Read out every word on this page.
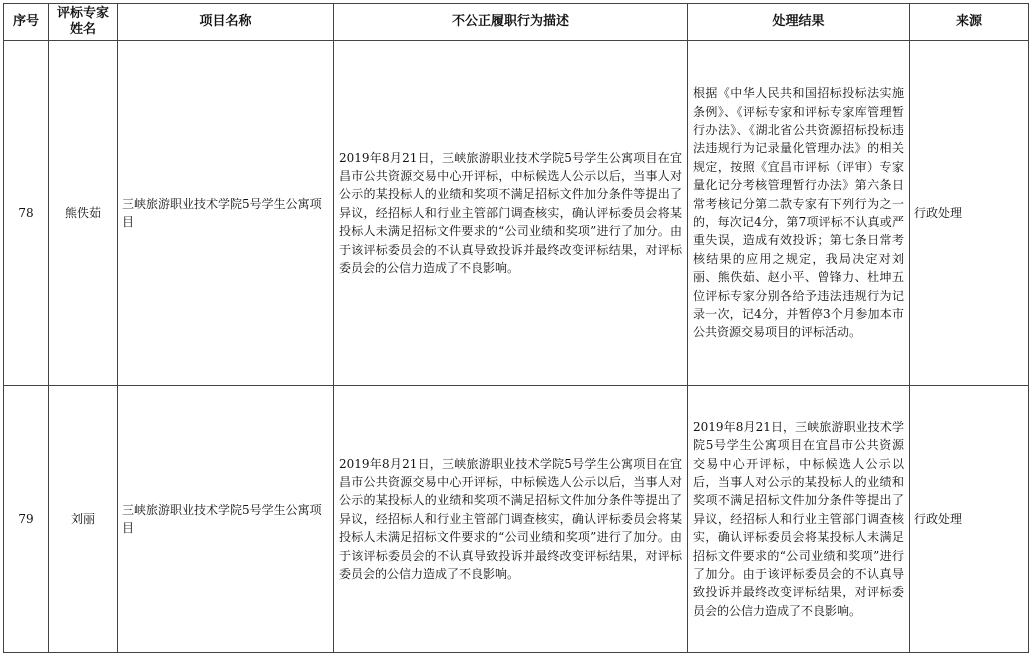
序号	评标专家姓名	项目名称	不公正履职行为描述	处理结果	来源
78	熊佚茹	三峡旅游职业技术学院5号学生公寓项目	2019年8月21日，三峡旅游职业技术学院5号学生公寓项目在宜昌市公共资源交易中心开评标，中标候选人公示以后，当事人对公示的某投标人的业绩和奖项不满足招标文件加分条件等提出了异议，经招标人和行业主管部门调查核实，确认评标委员会将某投标人未满足招标文件要求的“公司业绩和奖项”进行了加分。由于该评标委员会的不认真导致投诉并最终改变评标结果，对评标委员会的公信力造成了不良影响。	根据《中华人民共和国招标投标法实施条例》、《评标专家和评标专家库管理暂行办法》、《湖北省公共资源招标投标违法违规行为记录量化管理办法》的相关规定，按照《宜昌市评标（评审）专家量化记分考核管理暂行办法》第六条日常考核记分第二款专家有下列行为之一的，每次记4分，第7项评标不认真或严重失误，造成有效投诉；第七条日常考核结果的应用之规定，我局决定对刘丽、熊佚茹、赵小平、曾锋力、杜坤五位评标专家分别各给予违法违规行为记录一次，记4分，并暂停3个月参加本市公共资源交易项目的评标活动。	行政处理
79	刘丽	三峡旅游职业技术学院5号学生公寓项目	2019年8月21日，三峡旅游职业技术学院5号学生公寓项目在宜昌市公共资源交易中心开评标，中标候选人公示以后，当事人对公示的某投标人的业绩和奖项不满足招标文件加分条件等提出了异议，经招标人和行业主管部门调查核实，确认评标委员会将某投标人未满足招标文件要求的“公司业绩和奖项”进行了加分。由于该评标委员会的不认真导致投诉并最终改变评标结果，对评标委员会的公信力造成了不良影响。	2019年8月21日，三峡旅游职业技术学院5号学生公寓项目在宜昌市公共资源交易中心开评标，中标候选人公示以后，当事人对公示的某投标人的业绩和奖项不满足招标文件加分条件等提出了异议，经招标人和行业主管部门调查核实，确认评标委员会将某投标人未满足招标文件要求的“公司业绩和奖项”进行了加分。由于该评标委员会的不认真导致投诉并最终改变评标结果，对评标委员会的公信力造成了不良影响。	行政处理
